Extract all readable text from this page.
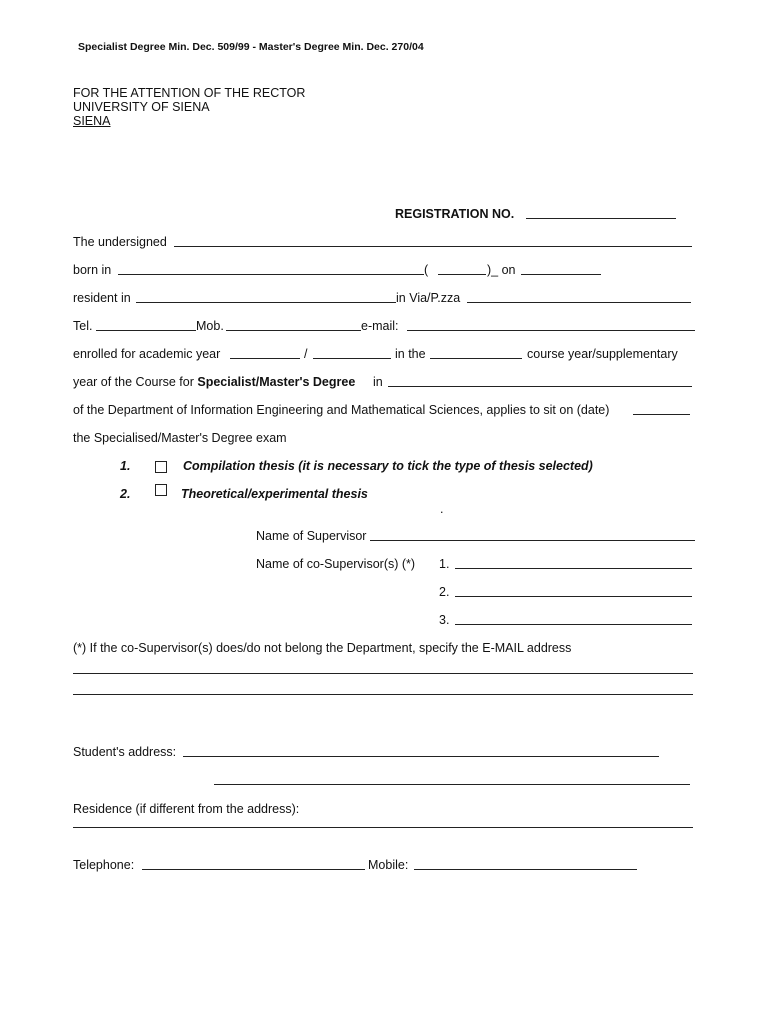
Specialist Degree Min. Dec. 509/99 - Master's Degree Min. Dec. 270/04
FOR THE ATTENTION OF THE RECTOR
UNIVERSITY OF SIENA
SIENA
REGISTRATION NO.
The undersigned
born in	(	)_ on
resident in	in Via/P.zza
Tel.	Mob.	e-mail:
enrolled for academic year	/	in the	course year/supplementary
year of the Course for Specialist/Master's Degree in
of the Department of Information Engineering and Mathematical Sciences, applies to sit on (date)
the Specialised/Master's Degree exam
1.	Compilation thesis (it is necessary to tick the type of thesis selected)
2.	Theoretical/experimental thesis
.
Name of Supervisor
Name of co-Supervisor(s) (*) 1.
2.
3.
(*) If the co-Supervisor(s) does/do not belong the Department, specify the E-MAIL address
Student's address:
Residence (if different from the address):
Telephone:	Mobile:
